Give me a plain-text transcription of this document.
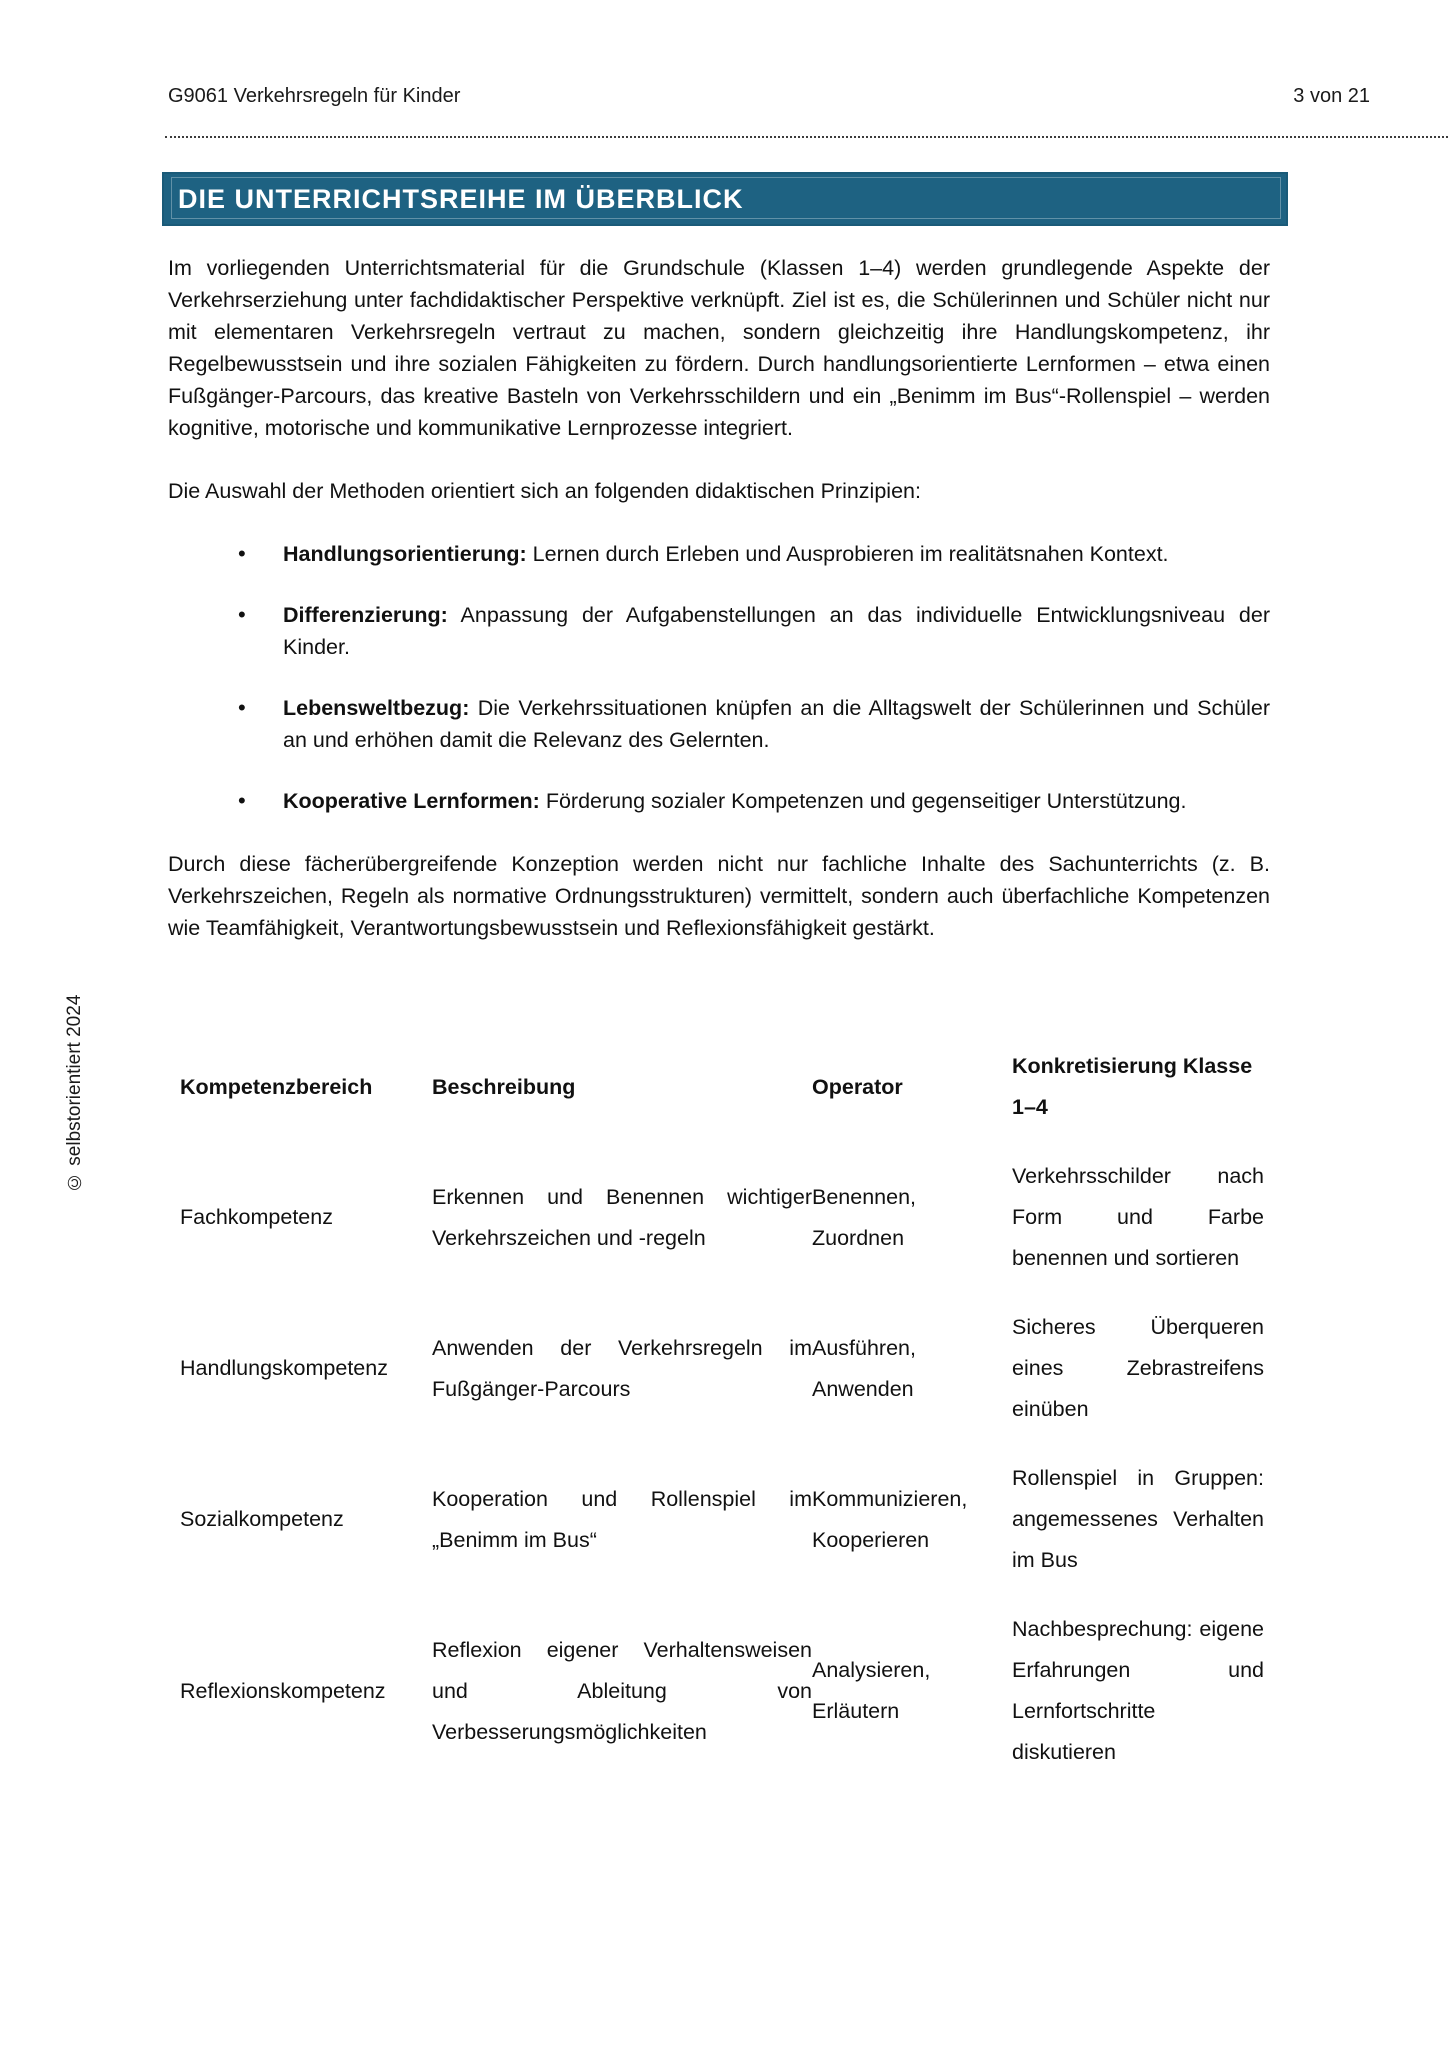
G9061 Verkehrsregeln für Kinder	3 von 21
DIE UNTERRICHTSREIHE IM ÜBERBLICK
© selbstorientiert 2024

Im vorliegenden Unterrichtsmaterial für die Grundschule (Klassen 1–4) werden grundlegende Aspekte der Verkehrserziehung unter fachdidaktischer Perspektive verknüpft. Ziel ist es, die Schülerinnen und Schüler nicht nur mit elementaren Verkehrsregeln vertraut zu machen, sondern gleichzeitig ihre Handlungskompetenz, ihr Regelbewusstsein und ihre sozialen Fähigkeiten zu fördern. Durch handlungsorientierte Lernformen – etwa einen Fußgänger-Parcours, das kreative Basteln von Verkehrsschildern und ein „Benimm im Bus“-Rollenspiel – werden kognitive, motorische und kommunikative Lernprozesse integriert.

Die Auswahl der Methoden orientiert sich an folgenden didaktischen Prinzipien:

• Handlungsorientierung: Lernen durch Erleben und Ausprobieren im realitätsnahen Kontext.
• Differenzierung: Anpassung der Aufgabenstellungen an das individuelle Entwicklungsniveau der Kinder.
• Lebensweltbezug: Die Verkehrssituationen knüpfen an die Alltagswelt der Schülerinnen und Schüler an und erhöhen damit die Relevanz des Gelernten.
• Kooperative Lernformen: Förderung sozialer Kompetenzen und gegenseitiger Unterstützung.

Durch diese fächerübergreifende Konzeption werden nicht nur fachliche Inhalte des Sachunterrichts (z. B. Verkehrszeichen, Regeln als normative Ordnungsstrukturen) vermittelt, sondern auch überfachliche Kompetenzen wie Teamfähigkeit, Verantwortungsbewusstsein und Reflexionsfähigkeit gestärkt.

Kompetenzbereich	Beschreibung	Operator	Konkretisierung Klasse 1–4
Fachkompetenz	Erkennen und Benennen wichtiger Verkehrszeichen und -regeln	Benennen, Zuordnen	Verkehrsschilder nach Form und Farbe benennen und sortieren
Handlungskompetenz	Anwenden der Verkehrsregeln im Fußgänger-Parcours	Ausführen, Anwenden	Sicheres Überqueren eines Zebrastreifens einüben
Sozialkompetenz	Kooperation und Rollenspiel im „Benimm im Bus“	Kommunizieren, Kooperieren	Rollenspiel in Gruppen: angemessenes Verhalten im Bus
Reflexionskompetenz	Reflexion eigener Verhaltensweisen und Ableitung von Verbesserungsmöglichkeiten	Analysieren, Erläutern	Nachbesprechung: eigene Erfahrungen und Lernfortschritte diskutieren
